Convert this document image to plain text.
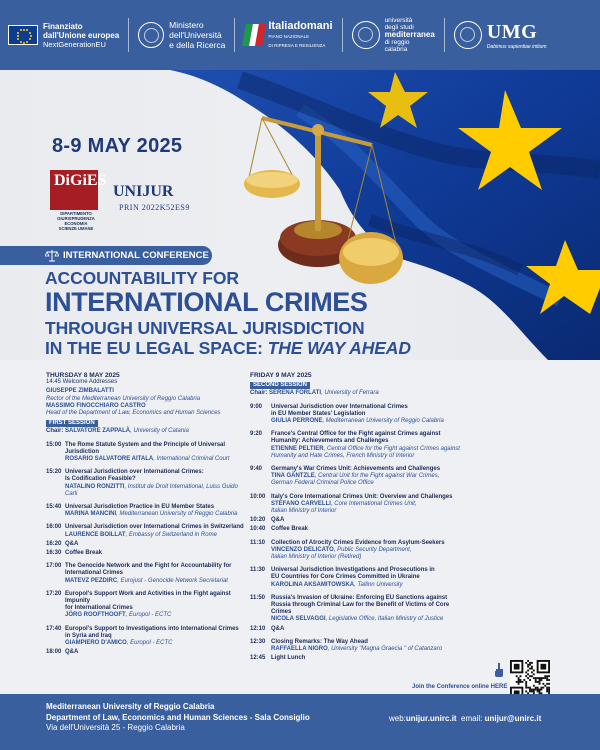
Finanziato
dall'Unione europea
NextGenerationEU
Ministero
dell'Università
e della Ricerca
Italiadomani
PIANO NAZIONALE
DI RIPRESA E RESILIENZA
università
degli studi
mediterranea
di reggio
calabria
UMG
Dabimus sapientiae initium
8-9 MAY 2025
DiGiES
DIPARTIMENTO
GIURISPRUDENZA
ECONOMIA
SCIENZE UMANE
UNIJUR
PRIN 2022K52ES9
INTERNATIONAL CONFERENCE
ACCOUNTABILITY FOR
INTERNATIONAL CRIMES
THROUGH UNIVERSAL JURISDICTION
IN THE EU LEGAL SPACE: THE WAY AHEAD
THURSDAY 8 MAY 2025
14:45 Welcome Addresses
GIUSEPPE ZIMBALATTI
Rector of the Mediterranean University of Reggio Calabria
MASSIMO FINOCCHIARO CASTRO
Head of the Department of Law, Economics and Human Sciences
FIRST SESSION
Chair: SALVATORE ZAPPALÀ, University of Catania
15:00 The Rome Statute System and the Principle of Universal Jurisdiction
ROSARIO SALVATORE AITALA, International Criminal Court
15:20 Universal Jurisdiction over International Crimes:
Is Codification Feasible?
NATALINO RONZITTI, Institut de Droit International, Luiss Guido Carli
15:40 Universal Jurisdiction Practice in EU Member States
MARINA MANCINI, Mediterranean University of Reggio Calabria
16:00 Universal Jurisdiction over International Crimes in Switzerland
LAURENCE BOILLAT, Embassy of Switzerland in Rome
16:20 Q&A

16:30 Coffee Break

17:00 The Genocide Network and the Fight for Accountability for
International Crimes
MATEVZ PEZDIRC, Eurojust - Genocide Network Secretariat
17:20 Europol's Support Work and Activities in the Fight against Impunity
for International Crimes
JÖRG ROOFTHOOFT, Europol - ECTC
17:40 Europol's Support to Investigations into International Crimes
in Syria and Iraq
GIAMPIERO D'AMICO, Europol - ECTC
18:00 Q&A

FRIDAY 9 MAY 2025
SECOND SESSION
Chair: SERENA FORLATI, University of Ferrara
9:00	Universal Jurisdiction over International Crimes
in EU Member States' Legislation
GIULIA PERRONE, Mediterranean University of Reggio Calabria
9:20	France's Central Office for the Fight against Crimes against
Humanity: Achievements and Challenges
ETIENNE PELTIER, Central Office for the Fight against Crimes against
Humanity and Hate Crimes, French Ministry of Interior
9:40	Germany's War Crimes Unit: Achievements and Challenges
TINA GÄNTZLE, Central Unit for the Fight against War Crimes,
German Federal Criminal Police Office
10:00 Italy's Core International Crimes Unit: Overview and Challenges
STEFANO CARVELLI, Core International Crimes Unit,
Italian Ministry of Interior
10:20 Q&A

10:40 Coffee Break

11:10 Collection of Atrocity Crimes Evidence from Asylum-Seekers
VINCENZO DELICATO, Public Security Department,
Italian Ministry of Interior (Retired)
11:30 Universal Jurisdiction Investigations and Prosecutions in
EU Countries for Core Crimes Committed in Ukraine
KAROLINA AKSAMITOWSKA, Tallinn University
11:50 Russia's Invasion of Ukraine: Enforcing EU Sanctions against
Russia through Criminal Law for the Benefit of Victims of Core Crimes
NICOLA SELVAGGI, Legislative Office, Italian Ministry of Justice
12:10 Q&A

12:30 Closing Remarks: The Way Ahead
RAFFAELLA NIGRO, University "Magna Graecia " of Catanzaro
12:45 Light Lunch

Join the Conference online HERE
Mediterranean University of Reggio Calabria
Department of Law, Economics and Human Sciences - Sala Consiglio
Via dell'Università 25 - Reggio Calabria
web:unijur.unirc.it email: unijur@unirc.it
